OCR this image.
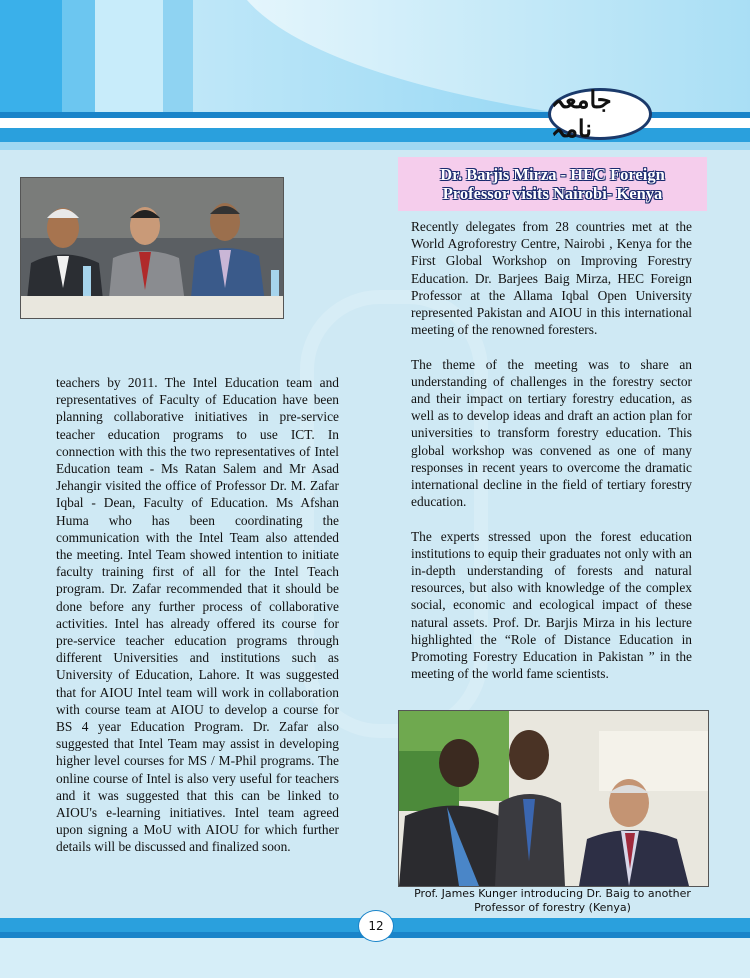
جامعہ نامہ
teachers by 2011. The Intel Education team and representatives of Faculty of Education have been planning collaborative initiatives in pre-service teacher education programs to use ICT. In connection with this the two representatives of Intel Education team - Ms Ratan Salem and Mr Asad Jehangir visited the office of Professor Dr. M. Zafar Iqbal - Dean, Faculty of Education. Ms Afshan Huma who has been coordinating the communication with the Intel Team also attended the meeting. Intel Team showed intention to initiate faculty training first of all for the Intel Teach program. Dr. Zafar recommended that it should be done before any further process of collaborative activities. Intel has already offered its course for pre-service teacher education programs through different Universities and institutions such as University of Education, Lahore. It was suggested that for AIOU Intel team will work in collaboration with course team at AIOU to develop a course for BS 4 year Education Program. Dr. Zafar also suggested that Intel Team may assist in developing higher level courses for MS / M-Phil programs. The online course of Intel is also very useful for teachers and it was suggested that this can be linked to AIOU's e-learning initiatives. Intel team agreed upon signing a MoU with AIOU for which further details will be discussed and finalized soon.
Dr. Barjis Mirza - HEC Foreign
Professor visits Nairobi- Kenya

Recently delegates from 28 countries met at the World Agroforestry Centre, Nairobi , Kenya for the First Global Workshop on Improving Forestry Education. Dr. Barjees Baig Mirza, HEC Foreign Professor at the Allama Iqbal Open University represented Pakistan and AIOU in this international meeting of the renowned foresters.

The theme of the meeting was to share an understanding of challenges in the forestry sector and their impact on tertiary forestry education, as well as to develop ideas and draft an action plan for universities to transform forestry education. This global workshop was convened as one of many responses in recent years to overcome the dramatic international decline in the field of tertiary forestry education.

The experts stressed upon the forest education institutions to equip their graduates not only with an in-depth understanding of forests and natural resources, but also with knowledge of the complex social, economic and ecological impact of these natural assets. Prof. Dr. Barjis Mirza in his lecture highlighted the “Role of Distance Education in Promoting Forestry Education in Pakistan ” in the meeting of the world fame scientists.

Prof. James Kunger introducing Dr. Baig to another
Professor of forestry (Kenya)
12
